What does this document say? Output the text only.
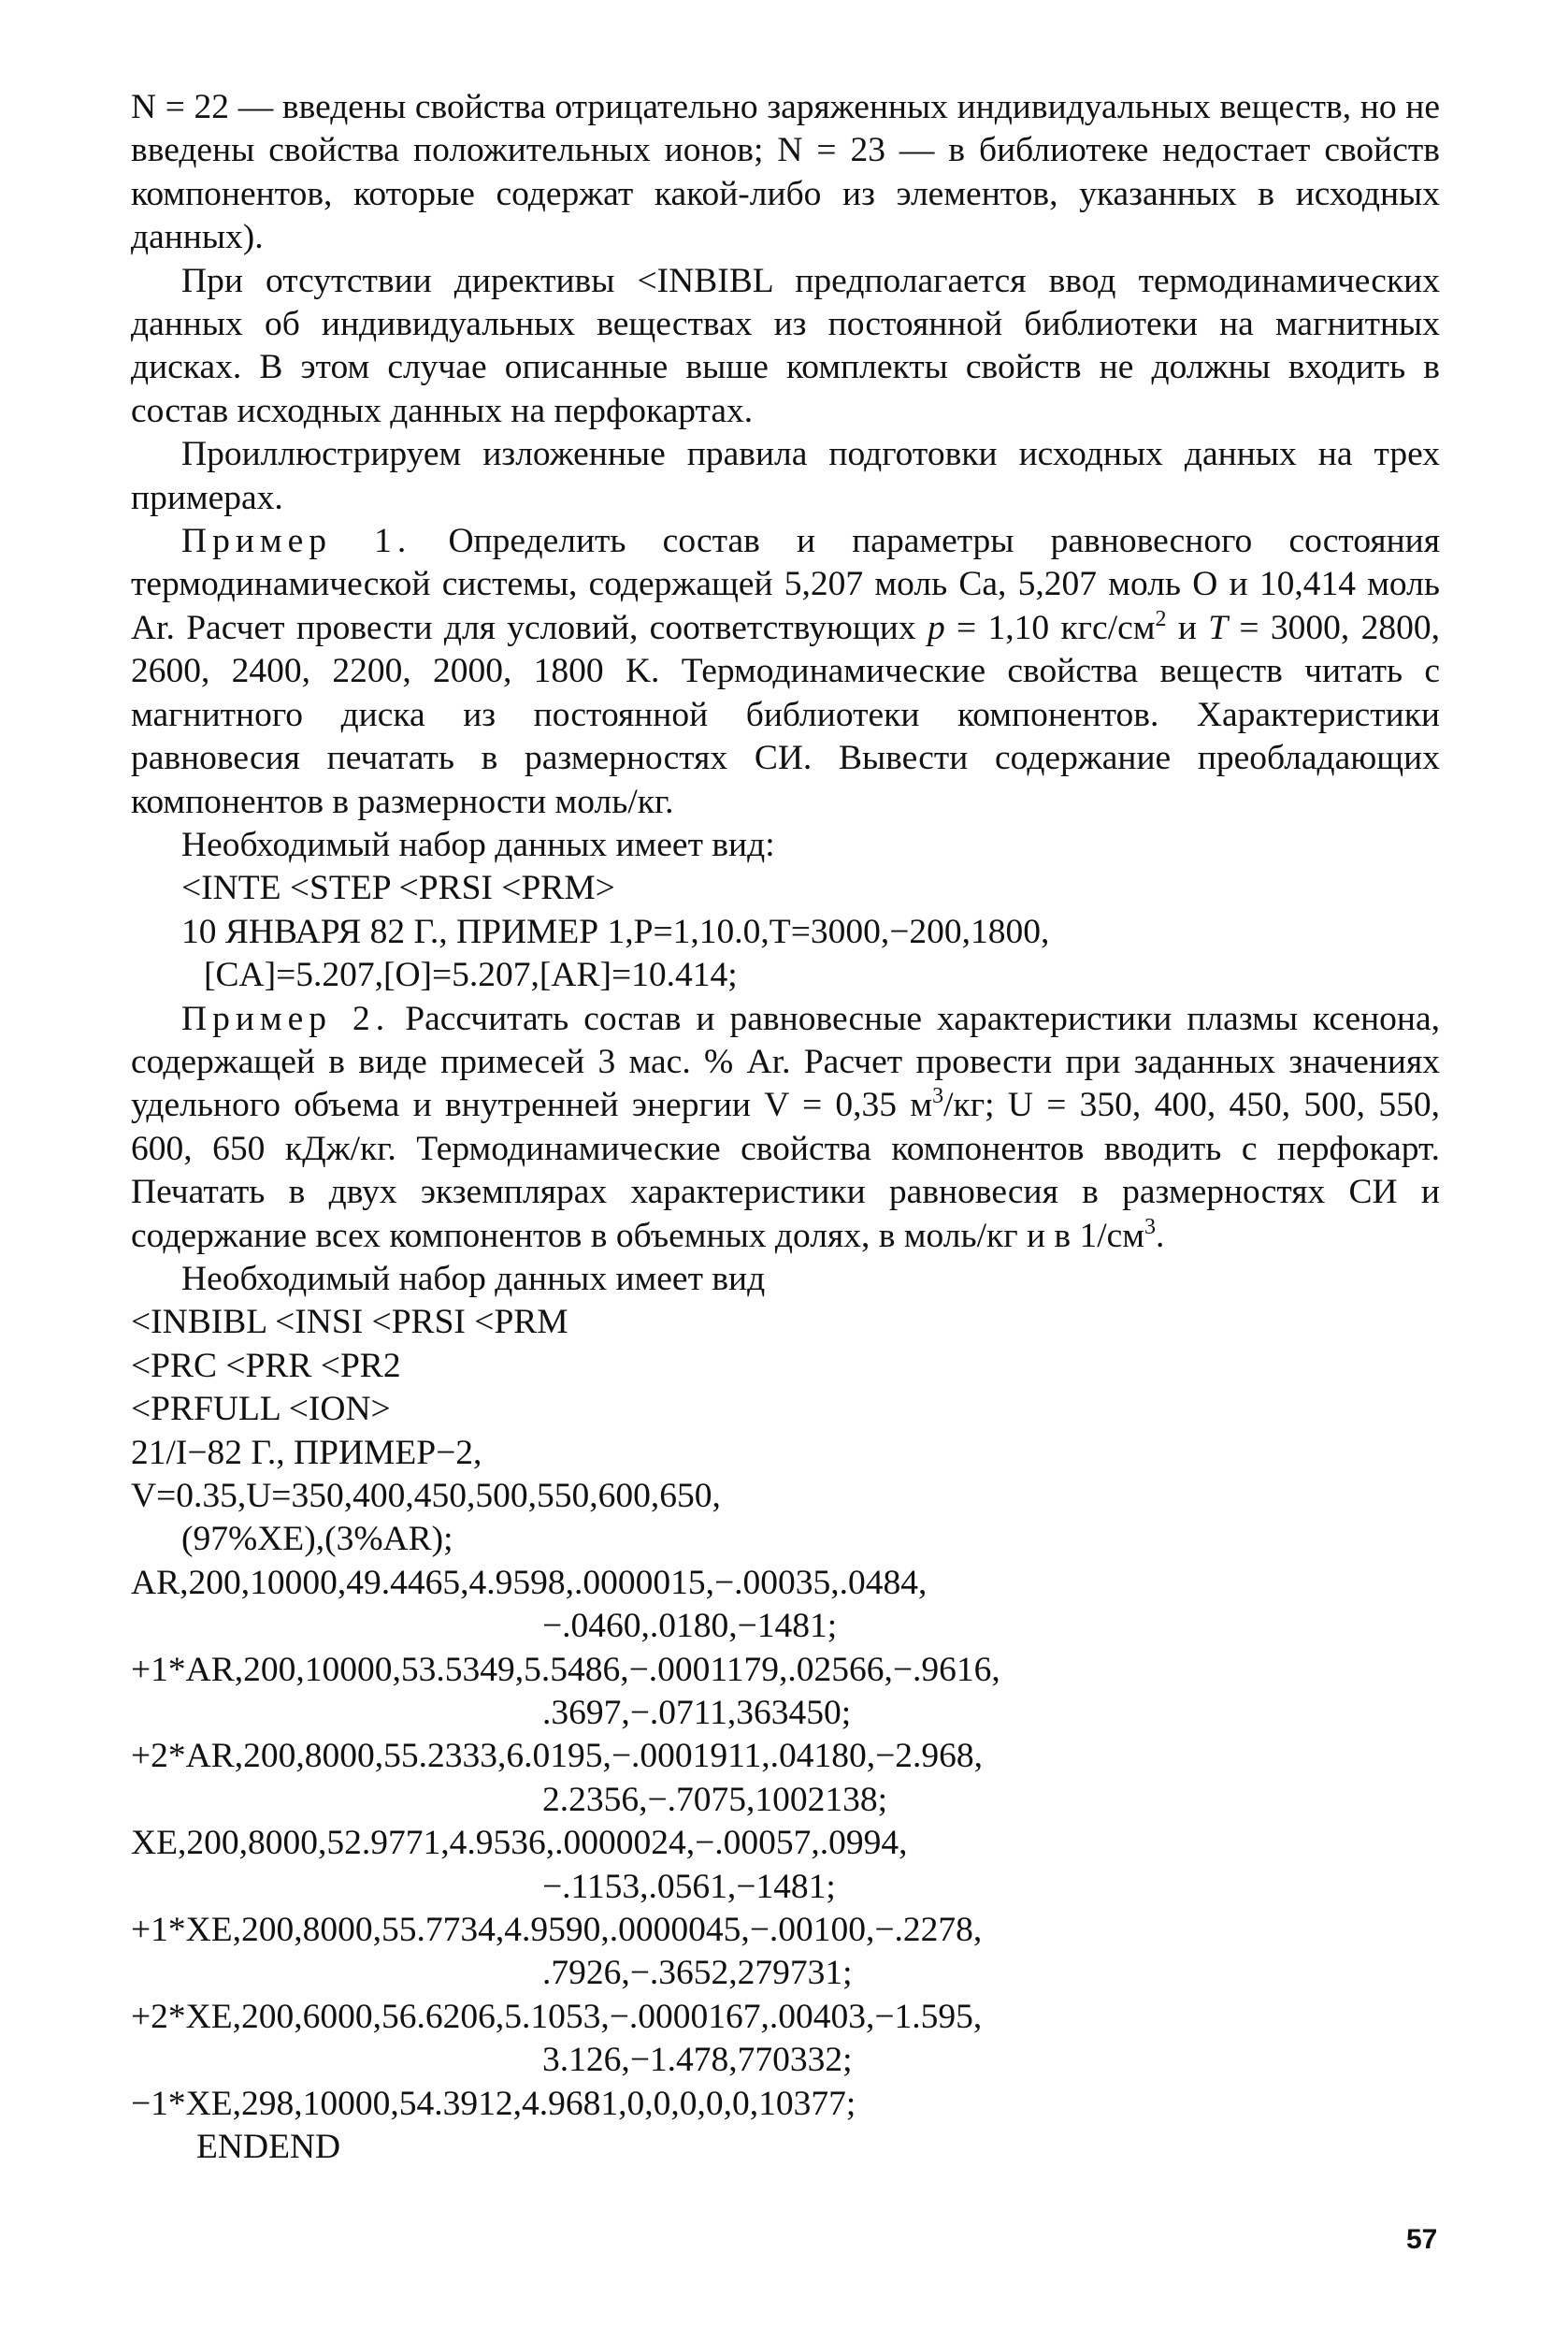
N = 22 — введены свойства отрицательно заряженных индивидуальных веществ, но не введены свойства положительных ионов; N = 23 — в библиотеке недостает свойств компонентов, которые содержат какой-либо из элементов, указанных в исходных данных).

При отсутствии директивы <INBIBL предполагается ввод термодинамических данных об индивидуальных веществах из постоянной библиотеки на магнитных дисках. В этом случае описанные выше комплекты свойств не должны входить в состав исходных данных на перфокартах.

Проиллюстрируем изложенные правила подготовки исходных данных на трех примерах.

Пример 1. Определить состав и параметры равновесного состояния термодинамической системы, содержащей 5,207 моль Ca, 5,207 моль O и 10,414 моль Ar. Расчет провести для условий, соответствующих p = 1,10 кгс/$см^2$ и T = 3000, 2800, 2600, 2400, 2200, 2000, 1800 K. Термодинамические свойства веществ читать с магнитного диска из постоянной библиотеки компонентов. Характеристики равновесия печатать в размерностях СИ. Вывести содержание преобладающих компонентов в размерности моль/кг.

Необходимый набор данных имеет вид:

<INTE <STEP <PRSI <PRM>

10 ЯНВАРЯ 82 Г., ПРИМЕР 1,P=1,10.0,T=3000,−200,1800,

[CA]=5.207,[O]=5.207,[AR]=10.414;

Пример 2. Рассчитать состав и равновесные характеристики плазмы ксенона, содержащей в виде примесей 3 мас. % Ar. Расчет провести при заданных значениях удельного объема и внутренней энергии V = 0,35 $м^3/кг$; U = 350, 400, 450, 500, 550, 600, 650 кДж/кг. Термодинамические свойства компонентов вводить с перфокарт. Печатать в двух экземплярах характеристики равновесия в размерностях СИ и содержание всех компонентов в объемных долях, в моль/кг и в $1/см^3$.

Необходимый набор данных имеет вид

<INBIBL <INSI <PRSI <PRM

<PRC <PRR <PR2

<PRFULL <ION>

21/I−82 Г., ПРИМЕР−2,

V=0.35,U=350,400,450,500,550,600,650,

(97%XE),(3%AR);

AR,200,10000,49.4465,4.9598,.0000015,−.00035,.0484,

−.0460,.0180,−1481;

+1*AR,200,10000,53.5349,5.5486,−.0001179,.02566,−.9616,

.3697,−.0711,363450;

+2*AR,200,8000,55.2333,6.0195,−.0001911,.04180,−2.968,

2.2356,−.7075,1002138;

XE,200,8000,52.9771,4.9536,.0000024,−.00057,.0994,

−.1153,.0561,−1481;

+1*XE,200,8000,55.7734,4.9590,.0000045,−.00100,−.2278,

.7926,−.3652,279731;

+2*XE,200,6000,56.6206,5.1053,−.0000167,.00403,−1.595,

3.126,−1.478,770332;

−1*XE,298,10000,54.3912,4.9681,0,0,0,0,0,10377;

ENDEND

57
